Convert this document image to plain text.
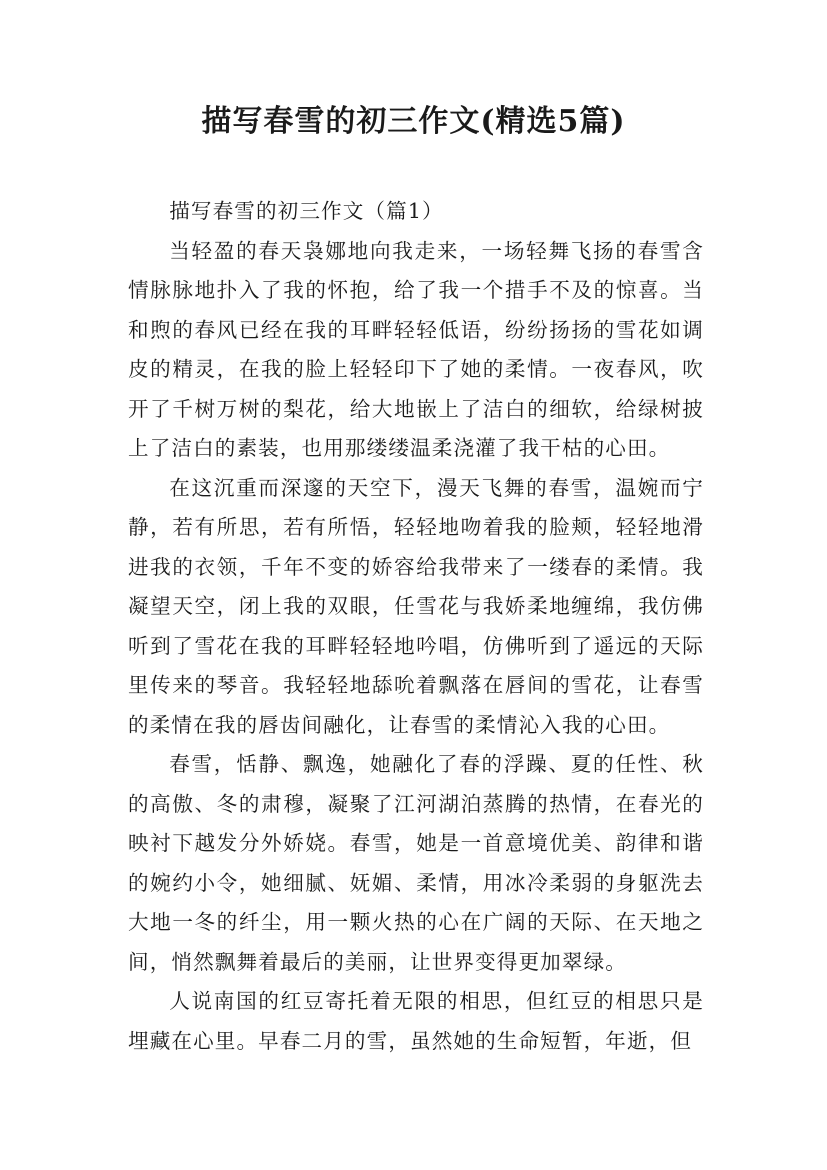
描写春雪的初三作文(精选5篇)

描写春雪的初三作文（篇1）

当轻盈的春天袅娜地向我走来，一场轻舞飞扬的春雪含情脉脉地扑入了我的怀抱，给了我一个措手不及的惊喜。当和煦的春风已经在我的耳畔轻轻低语，纷纷扬扬的雪花如调皮的精灵，在我的脸上轻轻印下了她的柔情。一夜春风，吹开了千树万树的梨花，给大地嵌上了洁白的细软，给绿树披上了洁白的素装，也用那缕缕温柔浇灌了我干枯的心田。

在这沉重而深邃的天空下，漫天飞舞的春雪，温婉而宁静，若有所思，若有所悟，轻轻地吻着我的脸颊，轻轻地滑进我的衣领，千年不变的娇容给我带来了一缕春的柔情。我凝望天空，闭上我的双眼，任雪花与我娇柔地缠绵，我仿佛听到了雪花在我的耳畔轻轻地吟唱，仿佛听到了遥远的天际里传来的琴音。我轻轻地舔吮着飘落在唇间的雪花，让春雪的柔情在我的唇齿间融化，让春雪的柔情沁入我的心田。

春雪，恬静、飘逸，她融化了春的浮躁、夏的任性、秋的高傲、冬的肃穆，凝聚了江河湖泊蒸腾的热情，在春光的映衬下越发分外娇娆。春雪，她是一首意境优美、韵律和谐的婉约小令，她细腻、妩媚、柔情，用冰冷柔弱的身躯洗去大地一冬的纤尘，用一颗火热的心在广阔的天际、在天地之间，悄然飘舞着最后的美丽，让世界变得更加翠绿。

人说南国的红豆寄托着无限的相思，但红豆的相思只是埋藏在心里。早春二月的雪，虽然她的生命短暂，年逝，但
